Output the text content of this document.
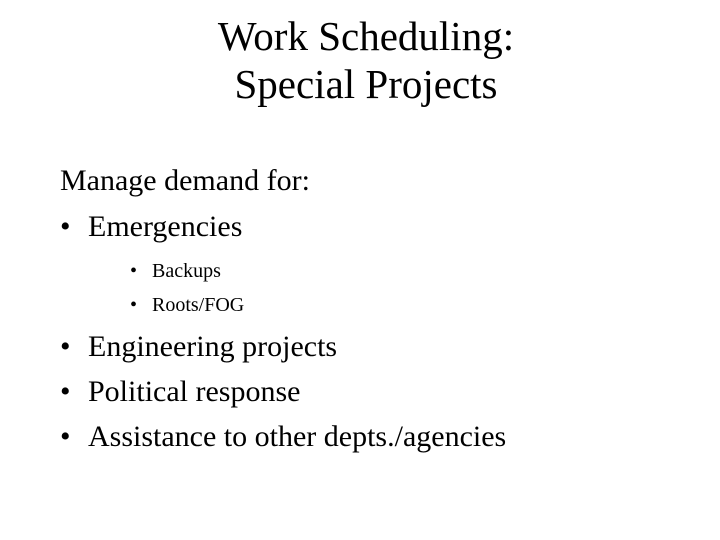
Work Scheduling:
Special Projects
Manage demand for:
• Emergencies
• Backups
• Roots/FOG
• Engineering projects
• Political response
• Assistance to other depts./agencies
